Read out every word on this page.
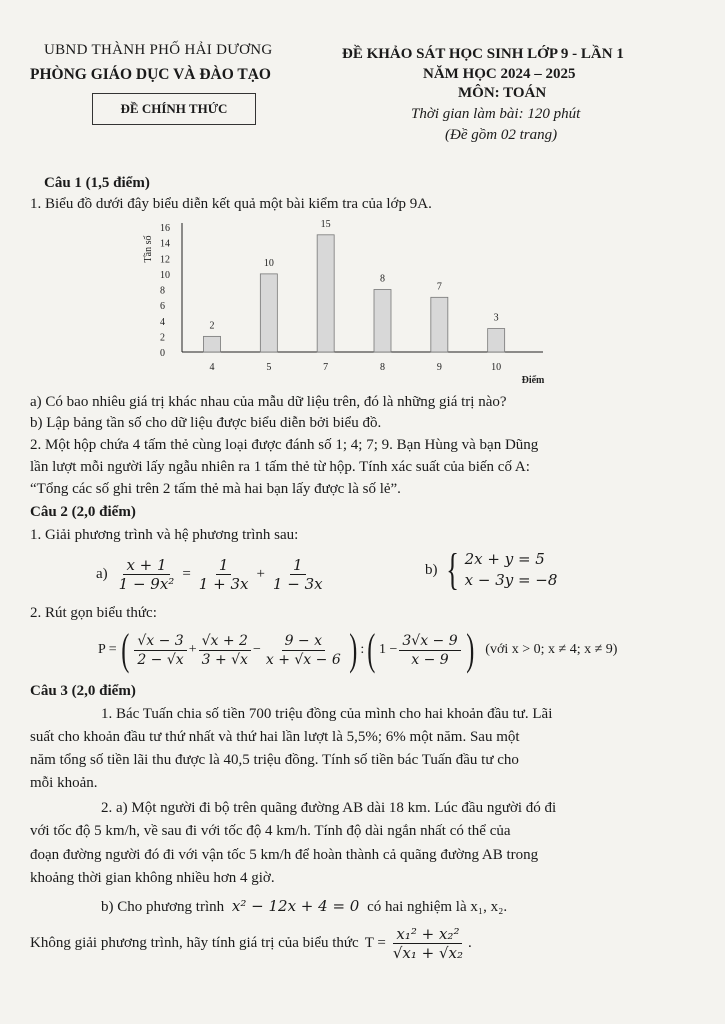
UBND THÀNH PHỐ HẢI DƯƠNG
PHÒNG GIÁO DỤC VÀ ĐÀO TẠO
ĐỀ CHÍNH THỨC
ĐỀ KHẢO SÁT HỌC SINH LỚP 9 - LẦN 1
NĂM HỌC 2024 – 2025
MÔN: TOÁN
Thời gian làm bài: 120 phút
(Đề gồm 02 trang)
Câu 1 (1,5 điểm)
1. Biểu đồ dưới đây biểu diễn kết quả một bài kiểm tra của lớp 9A.
0
2
4
6
8
10
12
14
16
Tần số
2
4
10
5
15
7
8
8
7
9
3
10
Điểm
a) Có bao nhiêu giá trị khác nhau của mẫu dữ liệu trên, đó là những giá trị nào?
b) Lập bảng tần số cho dữ liệu được biểu diễn bởi biểu đồ.
2. Một hộp chứa 4 tấm thẻ cùng loại được đánh số 1; 4; 7; 9. Bạn Hùng và bạn Dũng
lần lượt mỗi người lấy ngẫu nhiên ra 1 tấm thẻ từ hộp. Tính xác suất của biến cố A:
“Tổng các số ghi trên 2 tấm thẻ mà hai bạn lấy được là số lẻ”.
Câu 2 (2,0 điểm)
1. Giải phương trình và hệ phương trình sau:
$a) \frac{x + 1}{\text{1 − 9x²}} = \frac{1}{1 + 3x} + \frac{1}{1 - 3x}$	b) { 2x + y = 5
x − 3y = −8
2. Rút gọn biểu thức:
P = ( $\frac{√x - 3}{2 - √x} + \frac{√x + 2}{3 + √x} - \frac{9 - x}{x + √x - 6}$ ) : ( $1 - \frac{3√x - 9}{x - 9}$ ) (với x > 0; x ≠ 4; x ≠ 9)
Câu 3 (2,0 điểm)
1. Bác Tuấn chia số tiền 700 triệu đồng của mình cho hai khoản đầu tư. Lãi
suất cho khoản đầu tư thứ nhất và thứ hai lần lượt là 5,5%; 6% một năm. Sau một
năm tổng số tiền lãi thu được là 40,5 triệu đồng. Tính số tiền bác Tuấn đầu tư cho
mỗi khoản.
2. a) Một người đi bộ trên quãng đường AB dài 18 km. Lúc đầu người đó đi
với tốc độ 5 km/h, về sau đi với tốc độ 4 km/h. Tính độ dài ngắn nhất có thể của
đoạn đường người đó đi với vận tốc 5 km/h để hoàn thành cả quãng đường AB trong
khoảng thời gian không nhiều hơn 4 giờ.
b) Cho phương trình x² − 12x + 4 = 0 có hai nghiệm là x₁, x₂.
Không giải phương trình, hãy tính giá trị của biểu thức $T = \frac{\text{x₁² + x₂²}}{\text{√x₁ + √x₂}}$ .
